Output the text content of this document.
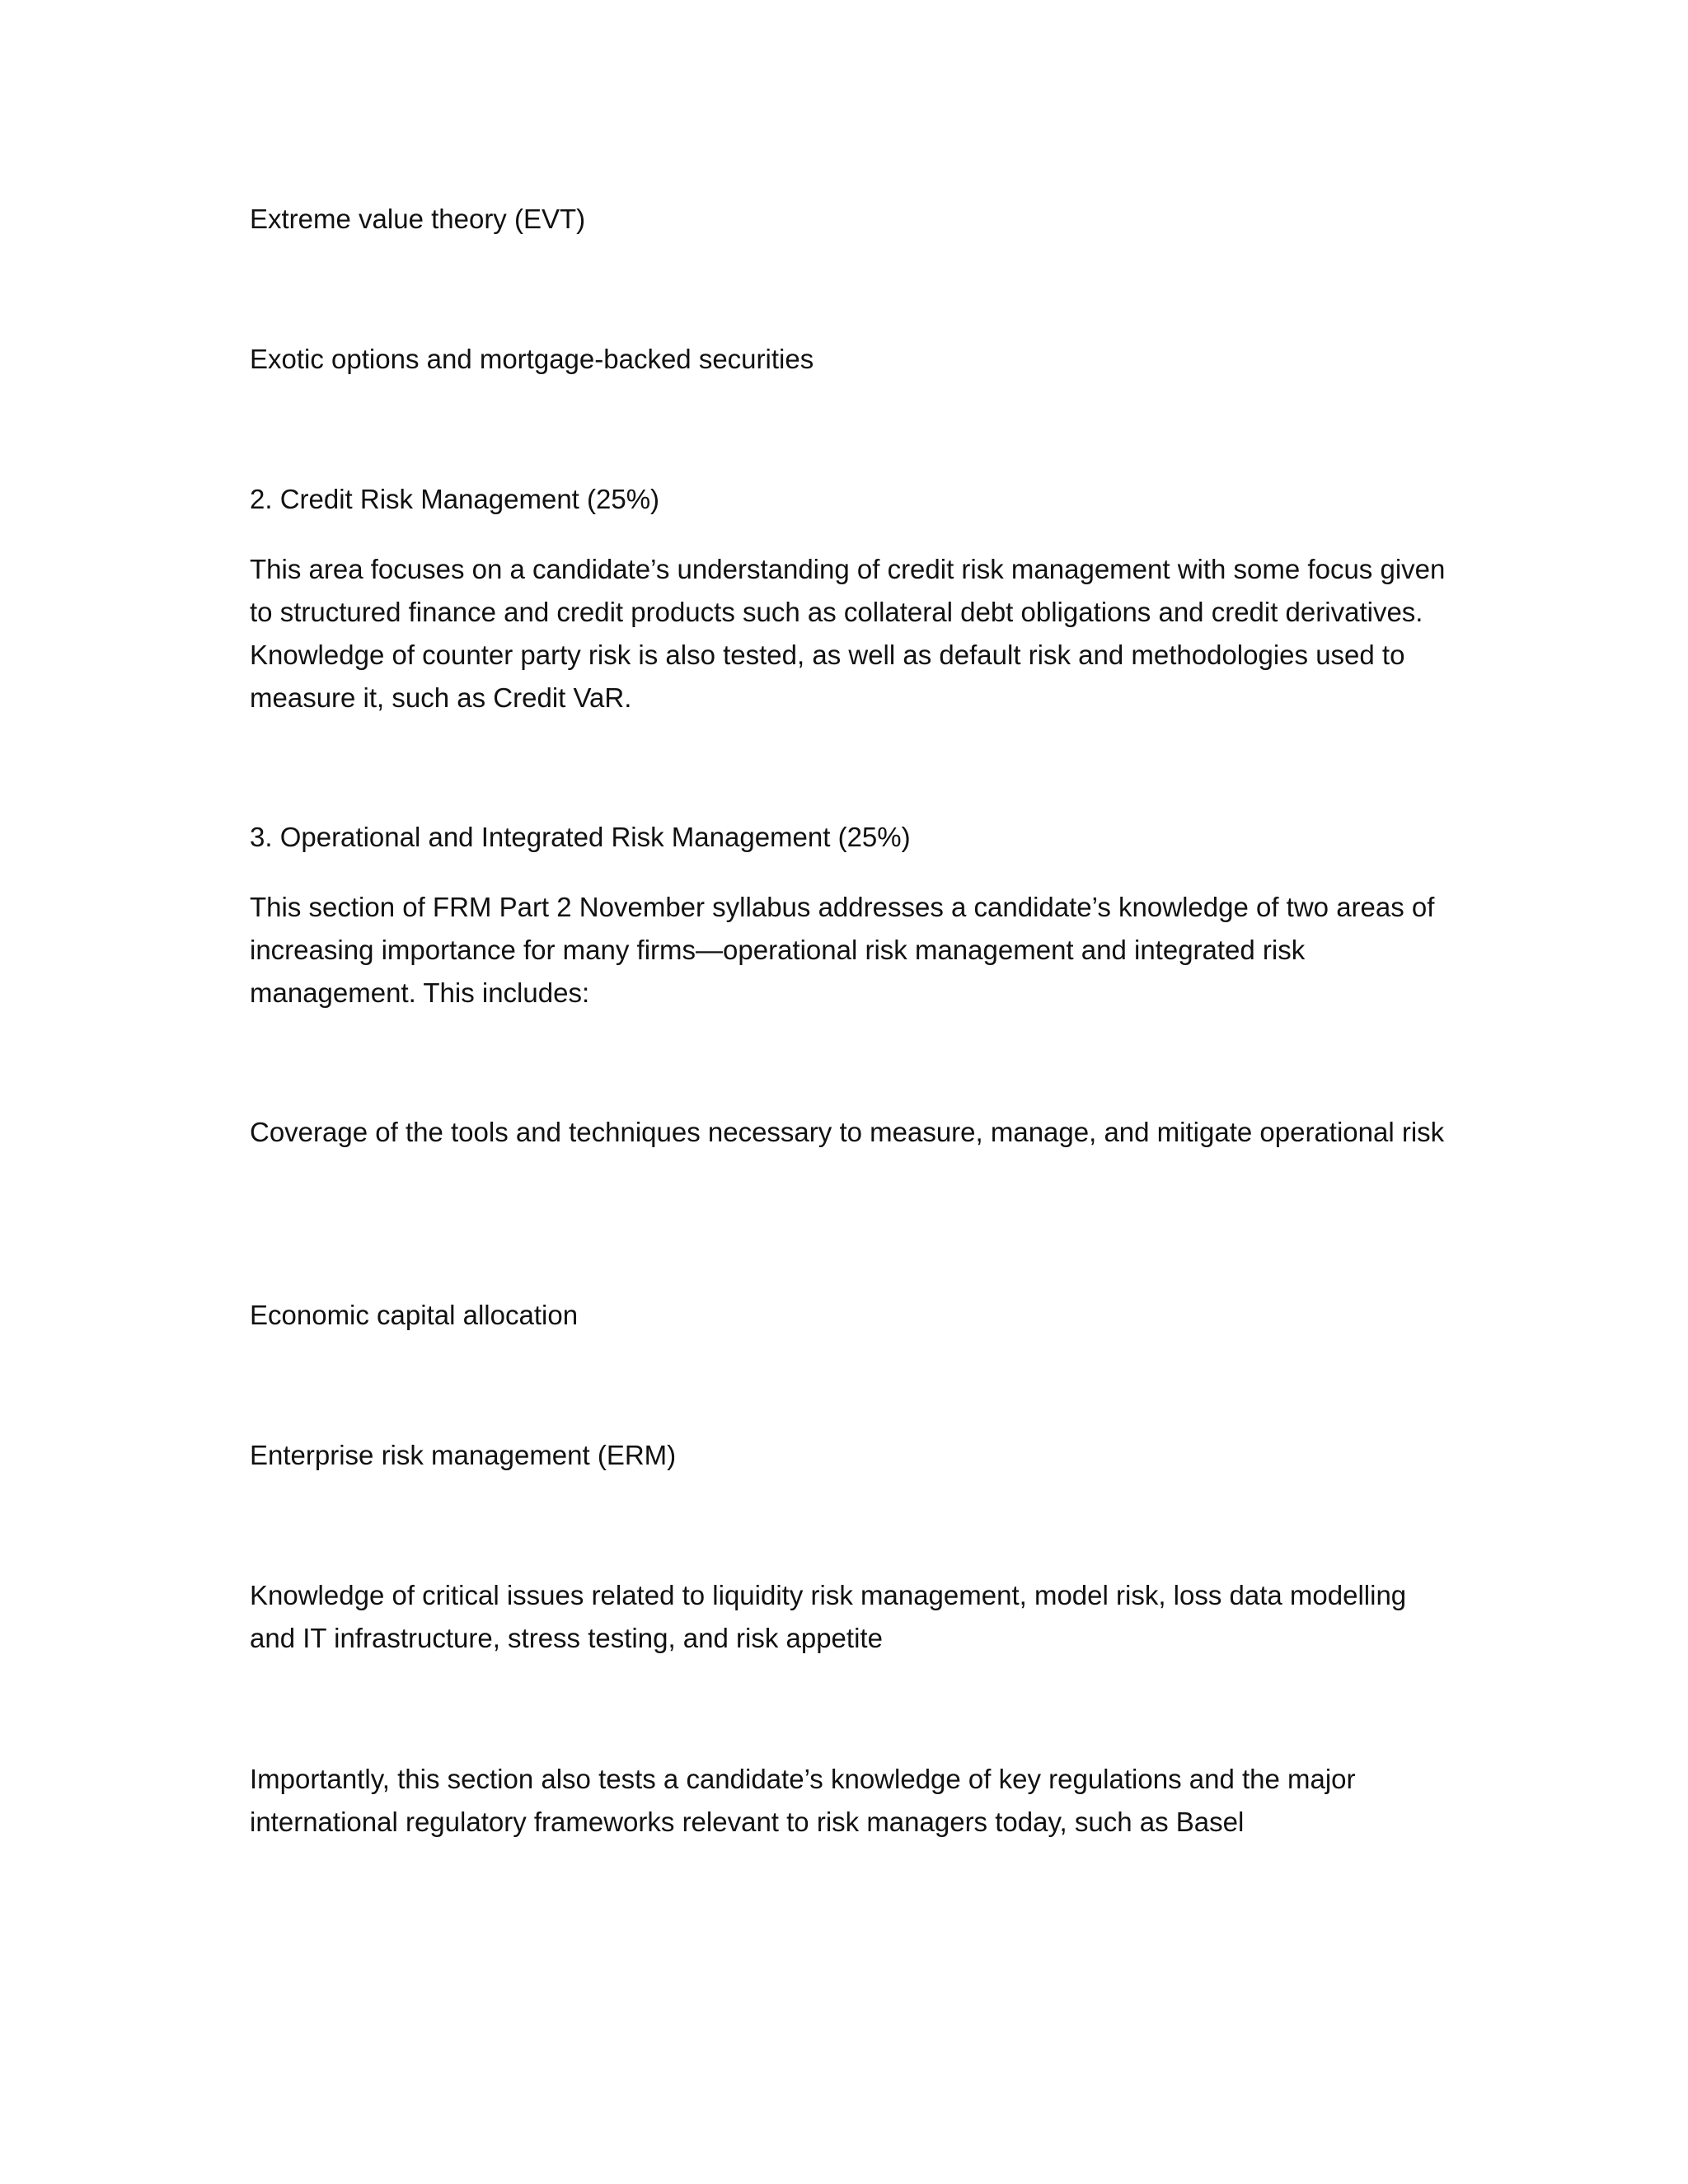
Extreme value theory (EVT)

Exotic options and mortgage-backed securities

2. Credit Risk Management (25%)

This area focuses on a candidate’s understanding of credit risk management with some focus given to structured finance and credit products such as collateral debt obligations and credit derivatives. Knowledge of counter party risk is also tested, as well as default risk and methodologies used to measure it, such as Credit VaR.

3. Operational and Integrated Risk Management (25%)

This section of FRM Part 2 November syllabus addresses a candidate’s knowledge of two areas of increasing importance for many firms—operational risk management and integrated risk management. This includes:

Coverage of the tools and techniques necessary to measure, manage, and mitigate operational risk

Economic capital allocation

Enterprise risk management (ERM)

Knowledge of critical issues related to liquidity risk management, model risk, loss data modelling and IT infrastructure, stress testing, and risk appetite

Importantly, this section also tests a candidate’s knowledge of key regulations and the major international regulatory frameworks relevant to risk managers today, such as Basel
